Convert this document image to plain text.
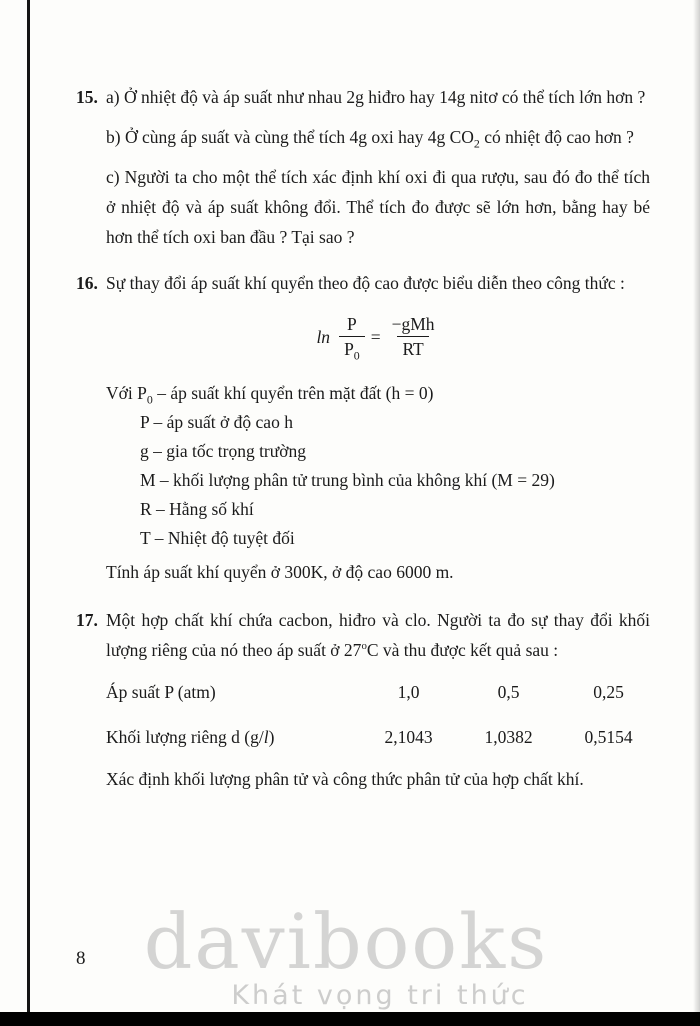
15. a) Ở nhiệt độ và áp suất như nhau 2g hiđro hay 14g nitơ có thể tích lớn hơn ?
b) Ở cùng áp suất và cùng thể tích 4g oxi hay 4g $CO_2$ có nhiệt độ cao hơn ?
c) Người ta cho một thể tích xác định khí oxi đi qua rượu, sau đó đo thể tích ở nhiệt độ và áp suất không đổi. Thể tích đo được sẽ lớn hơn, bằng hay bé hơn thể tích oxi ban đầu ? Tại sao ?
16. Sự thay đổi áp suất khí quyển theo độ cao được biểu diễn theo công thức :
$\ln \frac{P}{P_0} = \frac{\text{−gMh}}{RT}$
Với $P_0$ – áp suất khí quyển trên mặt đất (h = 0)
P – áp suất ở độ cao h
g – gia tốc trọng trường
M – khối lượng phân tử trung bình của không khí (M = 29)
R – Hằng số khí
T – Nhiệt độ tuyệt đối
Tính áp suất khí quyển ở 300K, ở độ cao 6000 m.
17. Một hợp chất khí chứa cacbon, hiđro và clo. Người ta đo sự thay đổi khối lượng riêng của nó theo áp suất ở 27$^o$C và thu được kết quả sau :
Áp suất P (atm)	1,0	0,5	0,25
Khối lượng riêng d (g/l)	2,1043	1,0382	0,5154
Xác định khối lượng phân tử và công thức phân tử của hợp chất khí.
8 davibooks
Khát vọng tri thức
